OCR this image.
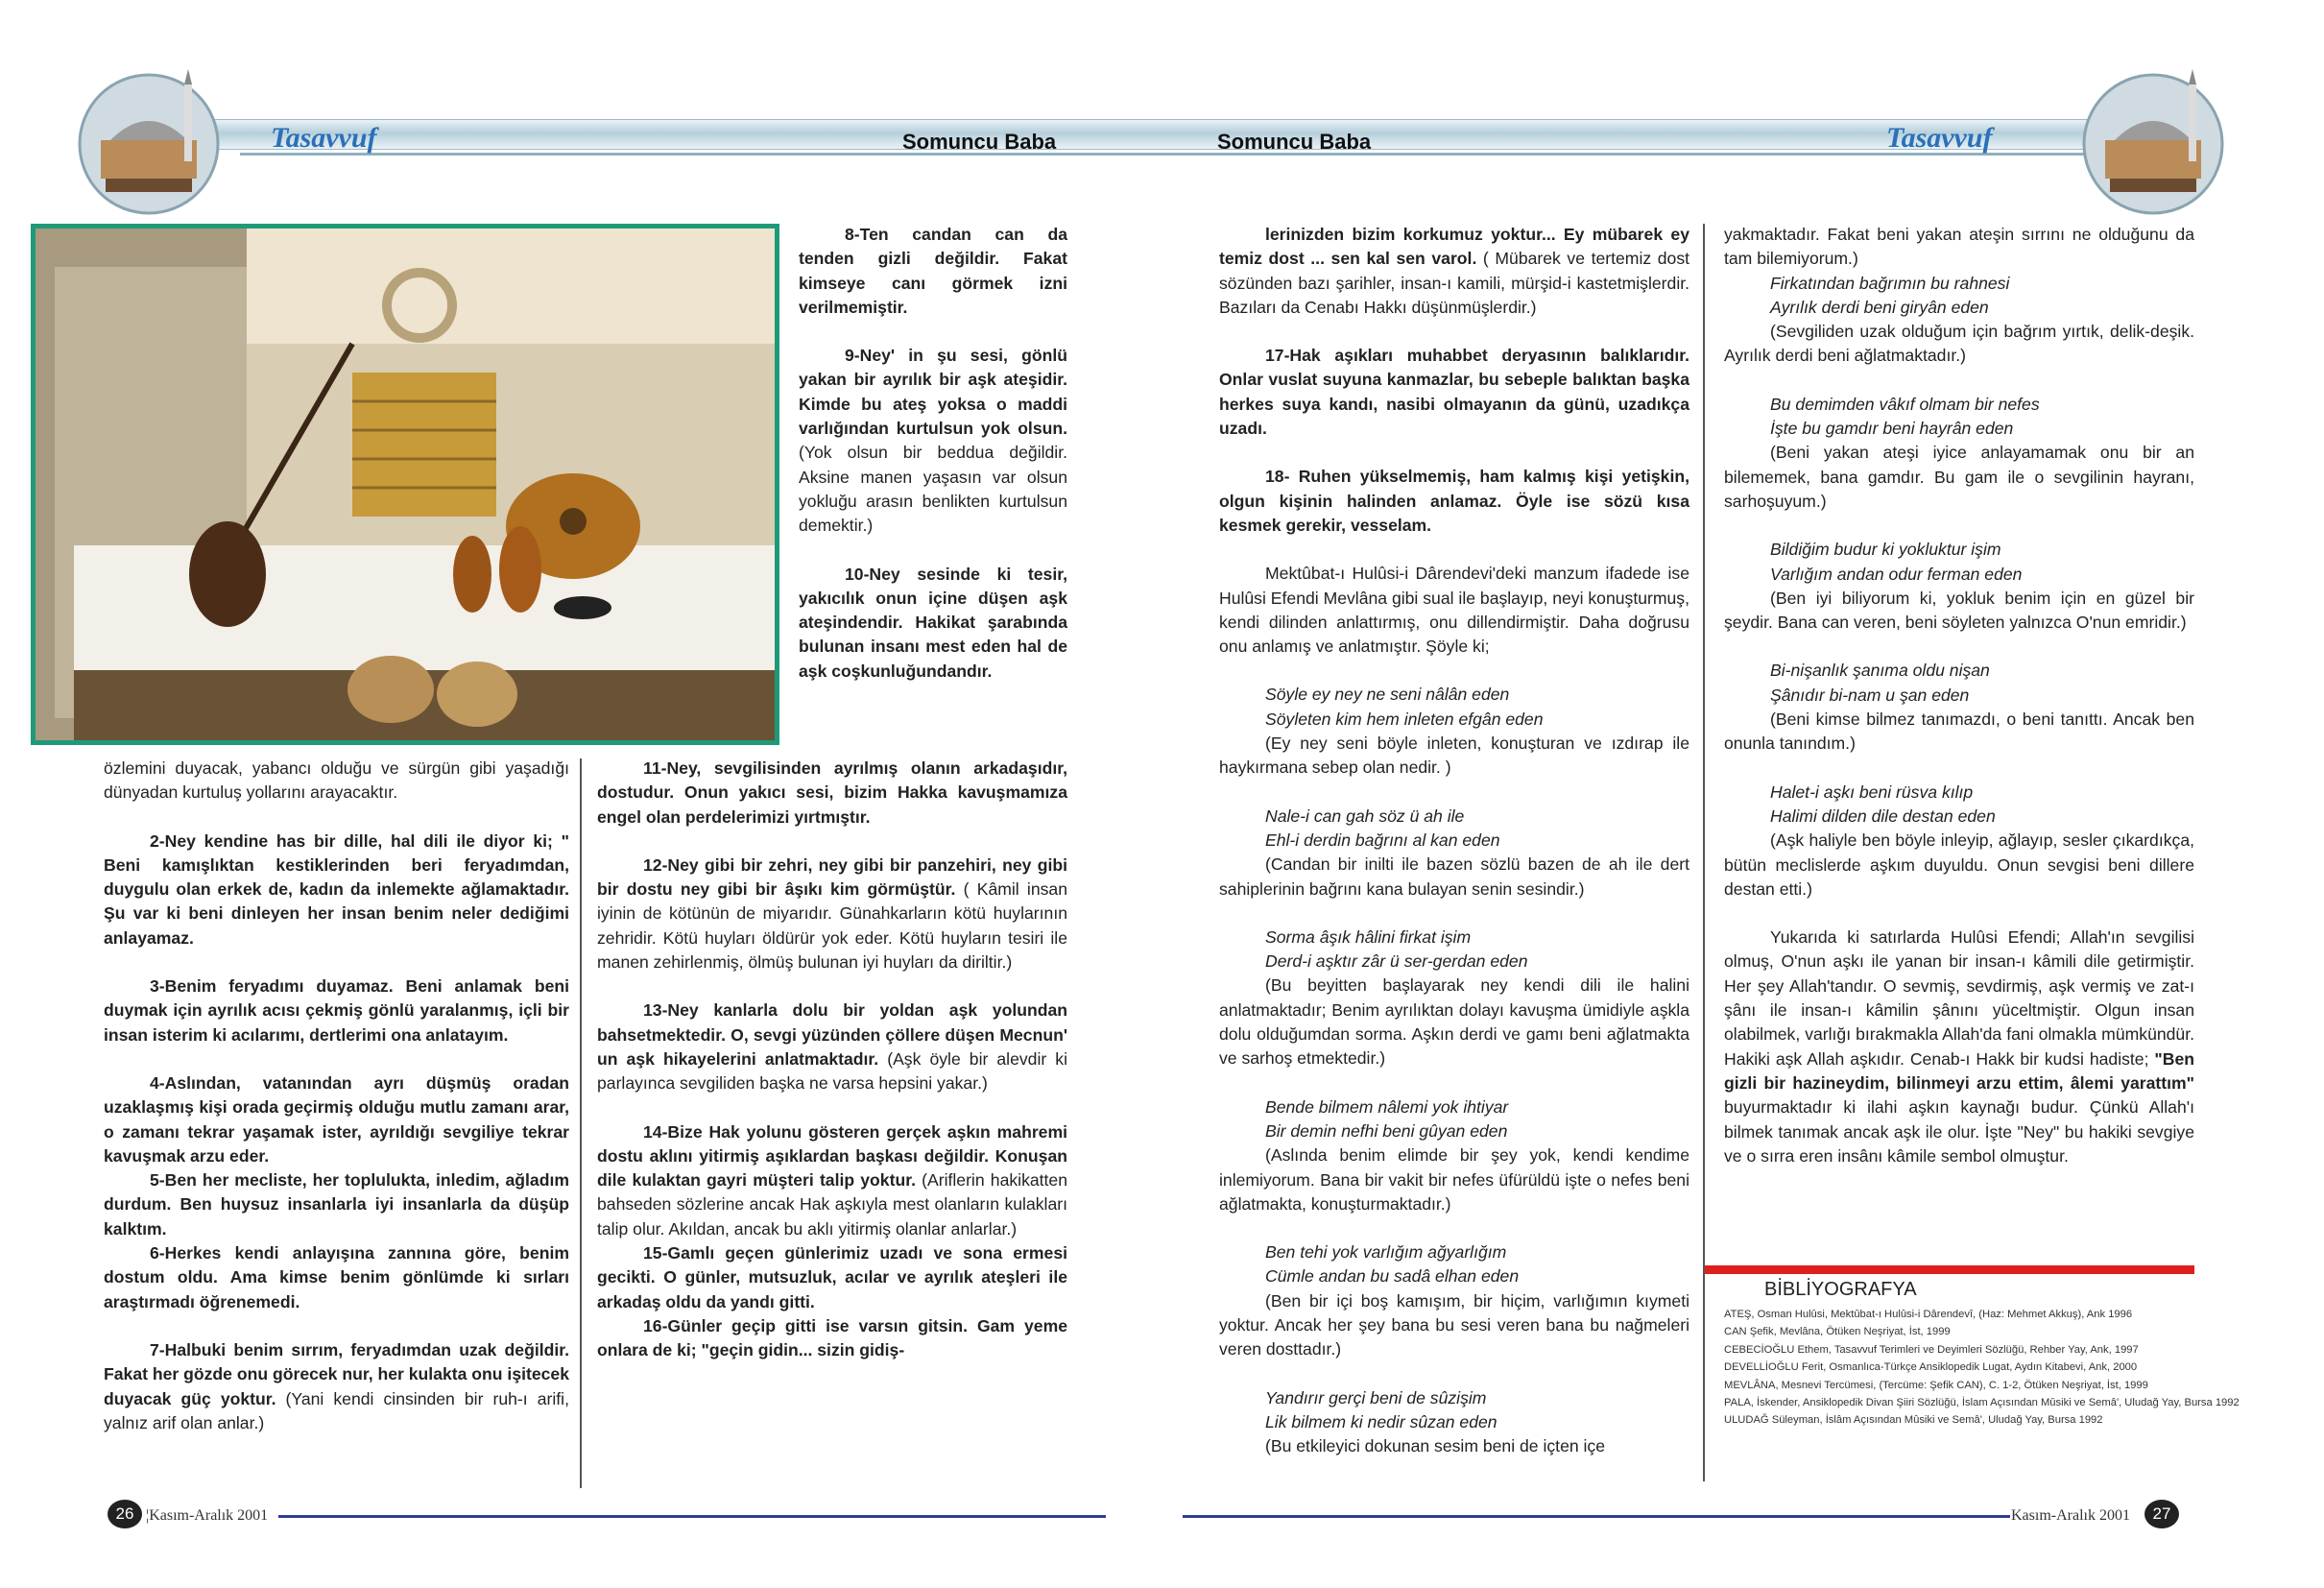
Tasavvuf	Tasavvuf
Somuncu Baba	Somuncu Baba

özlemini duyacak, yabancı olduğu ve sürgün gibi yaşadığı dünyadan kurtuluş yollarını arayacaktır.

2-Ney kendine has bir dille, hal dili ile diyor ki; " Beni kamışlıktan kestiklerinden beri feryadımdan, duygulu olan erkek de, kadın da inlemekte ağlamaktadır. Şu var ki beni dinleyen her insan benim neler dediğimi anlayamaz.

3-Benim feryadımı duyamaz. Beni anlamak beni duymak için ayrılık acısı çekmiş gönlü yaralanmış, içli bir insan isterim ki acılarımı, dertlerimi ona anlatayım.

4-Aslından, vatanından ayrı düşmüş oradan uzaklaşmış kişi orada geçirmiş olduğu mutlu zamanı arar, o zamanı tekrar yaşamak ister, ayrıldığı sevgiliye tekrar kavuşmak arzu eder.

5-Ben her mecliste, her toplulukta, inledim, ağladım durdum. Ben huysuz insanlarla iyi insanlarla da düşüp kalktım.

6-Herkes kendi anlayışına zannına göre, benim dostum oldu. Ama kimse benim gönlümde ki sırları araştırmadı öğrenemedi.

7-Halbuki benim sırrım, feryadımdan uzak değildir. Fakat her gözde onu görecek nur, her kulakta onu işitecek duyacak güç yoktur. (Yani kendi cinsinden bir ruh-ı arifi, yalnız arif olan anlar.)

8-Ten candan can da tenden gizli değildir. Fakat kimseye canı görmek izni verilmemiştir.

9-Ney' in şu sesi, gönlü yakan bir ayrılık bir aşk ateşidir. Kimde bu ateş yoksa o maddi varlığından kurtulsun yok olsun. (Yok olsun bir beddua değildir. Aksine manen yaşasın var olsun yokluğu arasın benlikten kurtulsun demektir.)

10-Ney sesinde ki tesir, yakıcılık onun içine düşen aşk ateşindendir. Hakikat şarabında bulunan insanı mest eden hal de aşk coşkunluğundandır.

11-Ney, sevgilisinden ayrılmış olanın arkadaşıdır, dostudur. Onun yakıcı sesi, bizim Hakka kavuşmamıza engel olan perdelerimizi yırtmıştır.

12-Ney gibi bir zehri, ney gibi bir panzehiri, ney gibi bir dostu ney gibi bir âşıkı kim görmüştür. ( Kâmil insan iyinin de kötünün de miyarıdır. Günahkarların kötü huylarının zehridir. Kötü huyları öldürür yok eder. Kötü huyların tesiri ile manen zehirlenmiş, ölmüş bulunan iyi huyları da diriltir.)

13-Ney kanlarla dolu bir yoldan aşk yolundan bahsetmektedir. O, sevgi yüzünden çöllere düşen Mecnun' un aşk hikayelerini anlatmaktadır. (Aşk öyle bir alevdir ki parlayınca sevgiliden başka ne varsa hepsini yakar.)

14-Bize Hak yolunu gösteren gerçek aşkın mahremi dostu aklını yitirmiş aşıklardan başkası değildir. Konuşan dile kulaktan gayri müşteri talip yoktur. (Ariflerin hakikatten bahseden sözlerine ancak Hak aşkıyla mest olanların kulakları talip olur. Akıldan, ancak bu aklı yitirmiş olanlar anlarlar.)

15-Gamlı geçen günlerimiz uzadı ve sona ermesi gecikti. O günler, mutsuzluk, acılar ve ayrılık ateşleri ile arkadaş oldu da yandı gitti.

16-Günler geçip gitti ise varsın gitsin. Gam yeme onlara de ki; "geçin gidin... sizin gidiş-

lerinizden bizim korkumuz yoktur... Ey mübarek ey temiz dost ... sen kal sen varol. ( Mübarek ve tertemiz dost sözünden bazı şarihler, insan-ı kamili, mürşid-i kastetmişlerdir. Bazıları da Cenabı Hakkı düşünmüşlerdir.)

17-Hak aşıkları muhabbet deryasının balıklarıdır. Onlar vuslat suyuna kanmazlar, bu sebeple balıktan başka herkes suya kandı, nasibi olmayanın da günü, uzadıkça uzadı.

18- Ruhen yükselmemiş, ham kalmış kişi yetişkin, olgun kişinin halinden anlamaz. Öyle ise sözü kısa kesmek gerekir, vesselam.

Mektûbat-ı Hulûsi-i Dârendevi'deki manzum ifadede ise Hulûsi Efendi Mevlâna gibi sual ile başlayıp, neyi konuşturmuş, kendi dilinden anlattırmış, onu dillendirmiştir. Daha doğrusu onu anlamış ve anlatmıştır. Şöyle ki;

Söyle ey ney ne seni nâlân eden

Söyleten kim hem inleten efgân eden

(Ey ney seni böyle inleten, konuşturan ve ızdırap ile haykırmana sebep olan nedir. )

Nale-i can gah söz ü ah ile

Ehl-i derdin bağrını al kan eden

(Candan bir inilti ile bazen sözlü bazen de ah ile dert sahiplerinin bağrını kana bulayan senin sesindir.)

Sorma âşık hâlini firkat işim

Derd-i aşktır zâr ü ser-gerdan eden

(Bu beyitten başlayarak ney kendi dili ile halini anlatmaktadır; Benim ayrılıktan dolayı kavuşma ümidiyle aşkla dolu olduğumdan sorma. Aşkın derdi ve gamı beni ağlatmakta ve sarhoş etmektedir.)

Bende bilmem nâlemi yok ihtiyar

Bir demin nefhi beni gûyan eden

(Aslında benim elimde bir şey yok, kendi kendime inlemiyorum. Bana bir vakit bir nefes üfürüldü işte o nefes beni ağlatmakta, konuşturmaktadır.)

Ben tehi yok varlığım ağyarlığım

Cümle andan bu sadâ elhan eden

(Ben bir içi boş kamışım, bir hiçim, varlığımın kıymeti yoktur. Ancak her şey bana bu sesi veren bana bu nağmeleri veren dosttadır.)

Yandırır gerçi beni de sûzişim

Lik bilmem ki nedir sûzan eden

(Bu etkileyici dokunan sesim beni de içten içe

yakmaktadır. Fakat beni yakan ateşin sırrını ne olduğunu da tam bilemiyorum.)

Firkatından bağrımın bu rahnesi

Ayrılık derdi beni giryân eden

(Sevgiliden uzak olduğum için bağrım yırtık, delik-deşik. Ayrılık derdi beni ağlatmaktadır.)

Bu demimden vâkıf olmam bir nefes

İşte bu gamdır beni hayrân eden

(Beni yakan ateşi iyice anlayamamak onu bir an bilememek, bana gamdır. Bu gam ile o sevgilinin hayranı, sarhoşuyum.)

Bildiğim budur ki yokluktur işim

Varlığım andan odur ferman eden

(Ben iyi biliyorum ki, yokluk benim için en güzel bir şeydir. Bana can veren, beni söyleten yalnızca O'nun emridir.)

Bi-nişanlık şanıma oldu nişan

Şânıdır bi-nam u şan eden

(Beni kimse bilmez tanımazdı, o beni tanıttı. Ancak ben onunla tanındım.)

Halet-i aşkı beni rüsva kılıp

Halimi dilden dile destan eden

(Aşk haliyle ben böyle inleyip, ağlayıp, sesler çıkardıkça, bütün meclislerde aşkım duyuldu. Onun sevgisi beni dillere destan etti.)

Yukarıda ki satırlarda Hulûsi Efendi; Allah'ın sevgilisi olmuş, O'nun aşkı ile yanan bir insan-ı kâmili dile getirmiştir. Her şey Allah'tandır. O sevmiş, sevdirmiş, aşk vermiş ve zat-ı şânı ile insan-ı kâmilin şânını yüceltmiştir. Olgun insan olabilmek, varlığı bırakmakla Allah'da fani olmakla mümkündür. Hakiki aşk Allah aşkıdır. Cenab-ı Hakk bir kudsi hadiste; "Ben gizli bir hazineydim, bilinmeyi arzu ettim, âlemi yarattım" buyurmaktadır ki ilahi aşkın kaynağı budur. Çünkü Allah'ı bilmek tanımak ancak aşk ile olur. İşte "Ney" bu hakiki sevgiye ve o sırra eren insânı kâmile sembol olmuştur.

BİBLİYOGRAFYA

ATEŞ, Osman Hulûsi, Mektûbat-ı Hulûsi-i Dârendevî, (Haz: Mehmet Akkuş), Ank 1996

CAN Şefik, Mevlâna, Ötüken Neşriyat, İst, 1999

CEBECİOĞLU Ethem, Tasavvuf Terimleri ve Deyimleri Sözlüğü, Rehber Yay, Ank, 1997

DEVELLİOĞLU Ferit, Osmanlıca-Türkçe Ansiklopedik Lugat, Aydın Kitabevi, Ank, 2000

MEVLÂNA, Mesnevi Tercümesi, (Tercüme: Şefik CAN), C. 1-2, Ötüken Neşriyat, İst, 1999

PALA, İskender, Ansiklopedik Divan Şiiri Sözlüğü, İslam Açısından Mûsiki ve Semâ', Uludağ Yay, Bursa 1992

ULUDAĞ Süleyman, İslâm Açısından Mûsiki ve Semâ', Uludağ Yay, Bursa 1992

26 ¦Kasım-Aralık 2001	Kasım-Aralık 2001	27
